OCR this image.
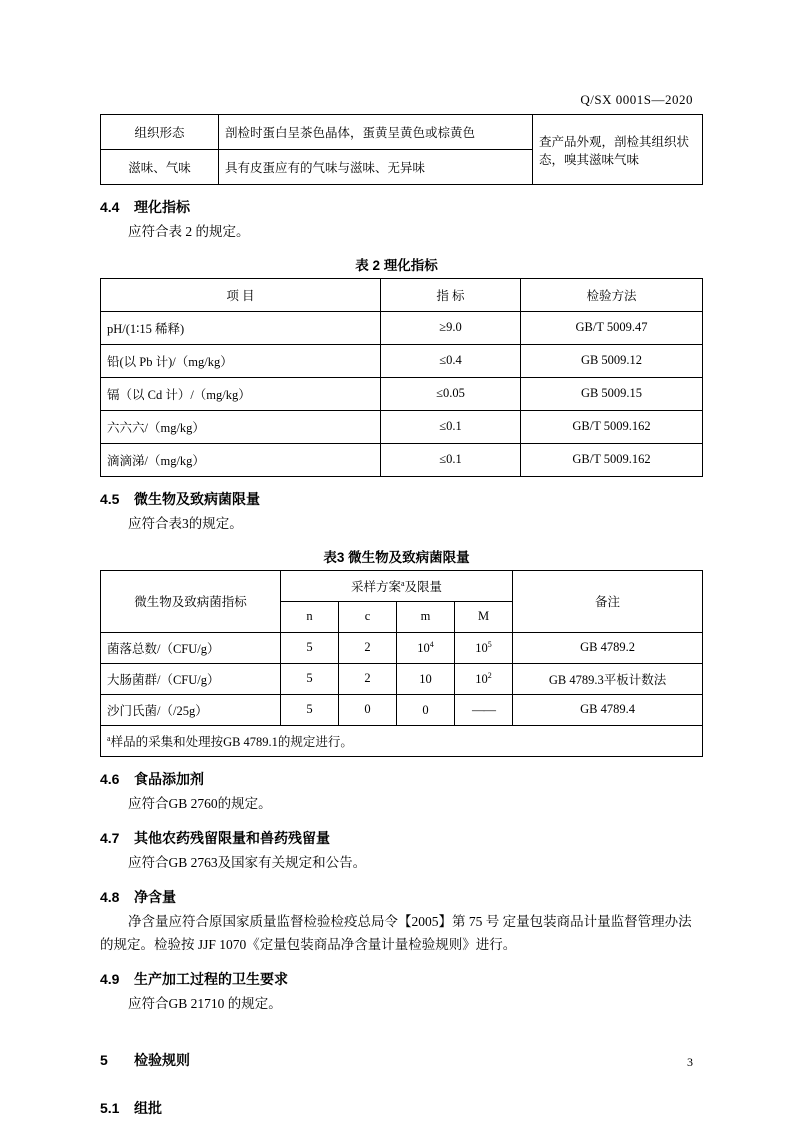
Q/SX 0001S—2020
组织形态	剖检时蛋白呈茶色晶体，蛋黄呈黄色或棕黄色	查产品外观，剖检其组织状态，嗅其滋味气味
滋味、气味	具有皮蛋应有的气味与滋味、无异味	
4.4 理化指标
应符合表 2 的规定。
表 2 理化指标
项 目	指 标	检验方法
pH/(1∶15 稀释)	≥9.0	GB/T 5009.47
铅(以 Pb 计)/（mg/kg）	≤0.4	GB 5009.12
镉（以 Cd 计）/（mg/kg）	≤0.05	GB 5009.15
六六六/（mg/kg）	≤0.1	GB/T 5009.162
滴滴涕/（mg/kg）	≤0.1	GB/T 5009.162
4.5 微生物及致病菌限量
应符合表3的规定。
表3 微生物及致病菌限量
微生物及致病菌指标	采样方案$^a$及限量				备注
	n	c	m	M	
菌落总数/（CFU/g）	5	2	$10^4$	$10^5$	GB 4789.2
大肠菌群/（CFU/g）	5	2	10	$10^2$	GB 4789.3平板计数法
沙门氏菌/（/25g）	5	0	0	——	GB 4789.4
$^a$样品的采集和处理按GB 4789.1的规定进行。					
4.6 食品添加剂
应符合GB 2760的规定。
4.7 其他农药残留限量和兽药残留量
应符合GB 2763及国家有关规定和公告。
4.8 净含量
净含量应符合原国家质量监督检验检疫总局令【2005】第 75 号 定量包装商品计量监督管理办法的规定。检验按 JJF 1070《定量包装商品净含量计量检验规则》进行。
4.9 生产加工过程的卫生要求
应符合GB 21710 的规定。
5 检验规则
5.1 组批
3
